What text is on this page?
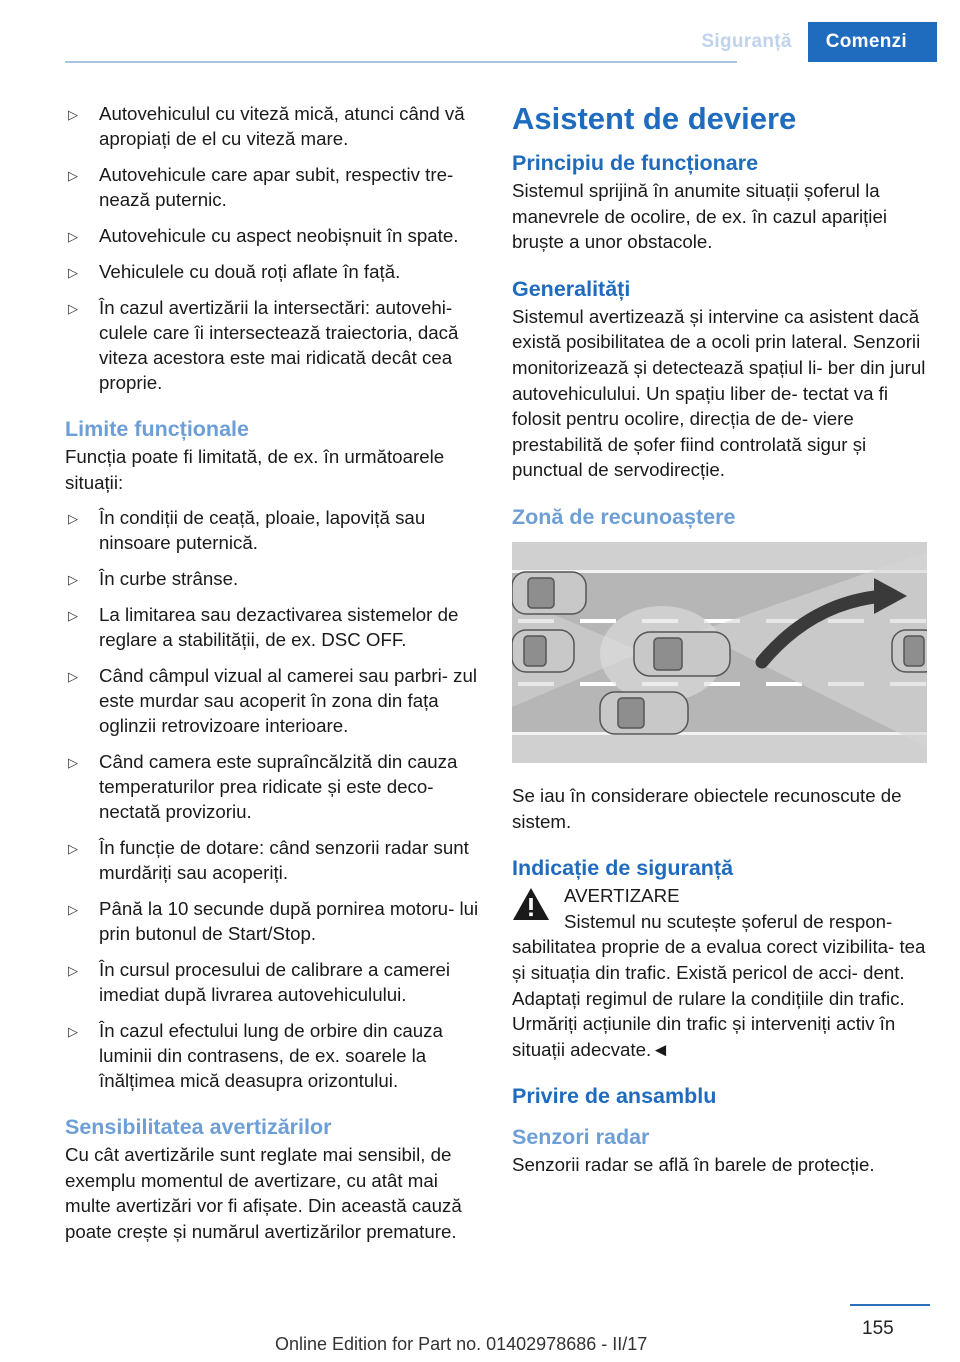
Siguranță	Comenzi
▷ Autovehiculul cu viteză mică, atunci când vă apropiați de el cu viteză mare.
▷ Autovehicule care apar subit, respectiv tre‐ nează puternic.
▷ Autovehicule cu aspect neobișnuit în spate.
▷ Vehiculele cu două roți aflate în față.
▷ În cazul avertizării la intersectări: autovehi‐ culele care îi intersectează traiectoria, dacă viteza acestora este mai ridicată decât cea proprie.
Limite funcționale
Funcția poate fi limitată, de ex. în următoarele situații:
▷ În condiții de ceață, ploaie, lapoviță sau ninsoare puternică.
▷ În curbe strânse.
▷ La limitarea sau dezactivarea sistemelor de reglare a stabilității, de ex. DSC OFF.
▷ Când câmpul vizual al camerei sau parbri‐ zul este murdar sau acoperit în zona din fața oglinzii retrovizoare interioare.
▷ Când camera este supraîncălzită din cauza temperaturilor prea ridicate și este deco‐ nectată provizoriu.
▷ În funcție de dotare: când senzorii radar sunt murdăriți sau acoperiți.
▷ Până la 10 secunde după pornirea motoru‐ lui prin butonul de Start/Stop.
▷ În cursul procesului de calibrare a camerei imediat după livrarea autovehiculului.
▷ În cazul efectului lung de orbire din cauza luminii din contrasens, de ex. soarele la înălțimea mică deasupra orizontului.
Sensibilitatea avertizărilor
Cu cât avertizările sunt reglate mai sensibil, de exemplu momentul de avertizare, cu atât mai multe avertizări vor fi afișate. Din această cauză poate crește și numărul avertizărilor premature.
Asistent de deviere
Principiu de funcționare
Sistemul sprijină în anumite situații șoferul la manevrele de ocolire, de ex. în cazul apariției bruște a unor obstacole.
Generalități
Sistemul avertizează și intervine ca asistent dacă există posibilitatea de a ocoli prin lateral. Senzorii monitorizează și detectează spațiul li‐ ber din jurul autovehiculului. Un spațiu liber de‐ tectat va fi folosit pentru ocolire, direcția de de‐ viere prestabilită de șofer fiind controlată sigur și punctual de servodirecție.
Zonă de recunoaștere
Se iau în considerare obiectele recunoscute de sistem.
Indicație de siguranță
AVERTIZARE
Sistemul nu scutește șoferul de respon‐
sabilitatea proprie de a evalua corect vizibilita‐ tea și situația din trafic. Există pericol de acci‐ dent. Adaptați regimul de rulare la condițiile din trafic. Urmăriți acțiunile din trafic și interveniți activ în situații adecvate.◄
Privire de ansamblu
Senzori radar
Senzorii radar se află în barele de protecție.
155
Online Edition for Part no. 01402978686 - II/17
